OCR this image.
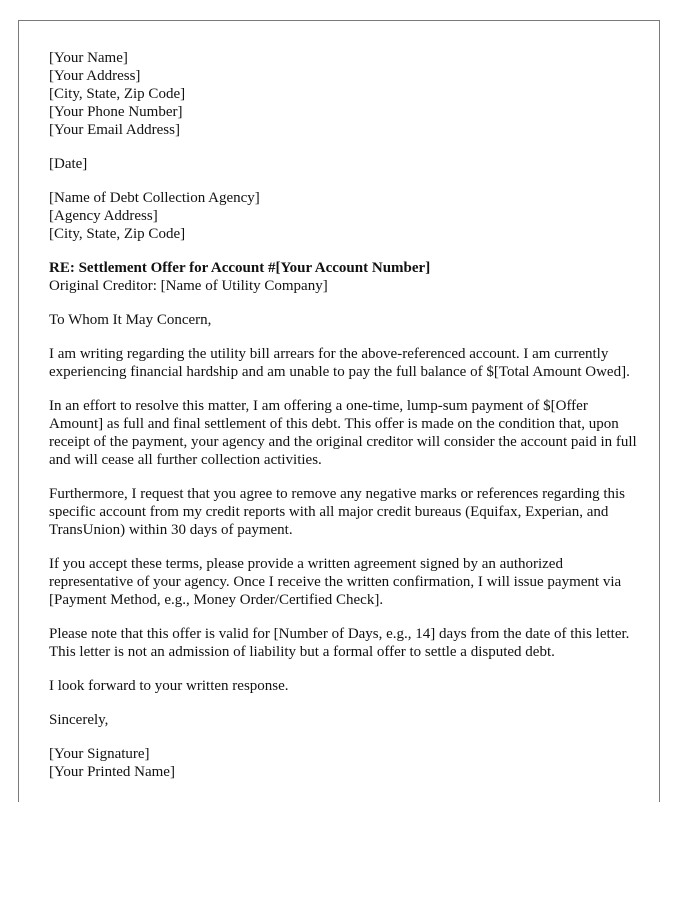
[Your Name]
[Your Address]
[City, State, Zip Code]
[Your Phone Number]
[Your Email Address]
[Date]
[Name of Debt Collection Agency]
[Agency Address]
[City, State, Zip Code]
RE: Settlement Offer for Account #[Your Account Number]
Original Creditor: [Name of Utility Company]

To Whom It May Concern,

I am writing regarding the utility bill arrears for the above-referenced account. I am currently experiencing financial hardship and am unable to pay the full balance of $[Total Amount Owed].

In an effort to resolve this matter, I am offering a one-time, lump-sum payment of $[Offer Amount] as full and final settlement of this debt. This offer is made on the condition that, upon receipt of the payment, your agency and the original creditor will consider the account paid in full and will cease all further collection activities.

Furthermore, I request that you agree to remove any negative marks or references regarding this specific account from my credit reports with all major credit bureaus (Equifax, Experian, and TransUnion) within 30 days of payment.

If you accept these terms, please provide a written agreement signed by an authorized representative of your agency. Once I receive the written confirmation, I will issue payment via [Payment Method, e.g., Money Order/Certified Check].

Please note that this offer is valid for [Number of Days, e.g., 14] days from the date of this letter. This letter is not an admission of liability but a formal offer to settle a disputed debt.

I look forward to your written response.

Sincerely,

[Your Signature]
[Your Printed Name]
